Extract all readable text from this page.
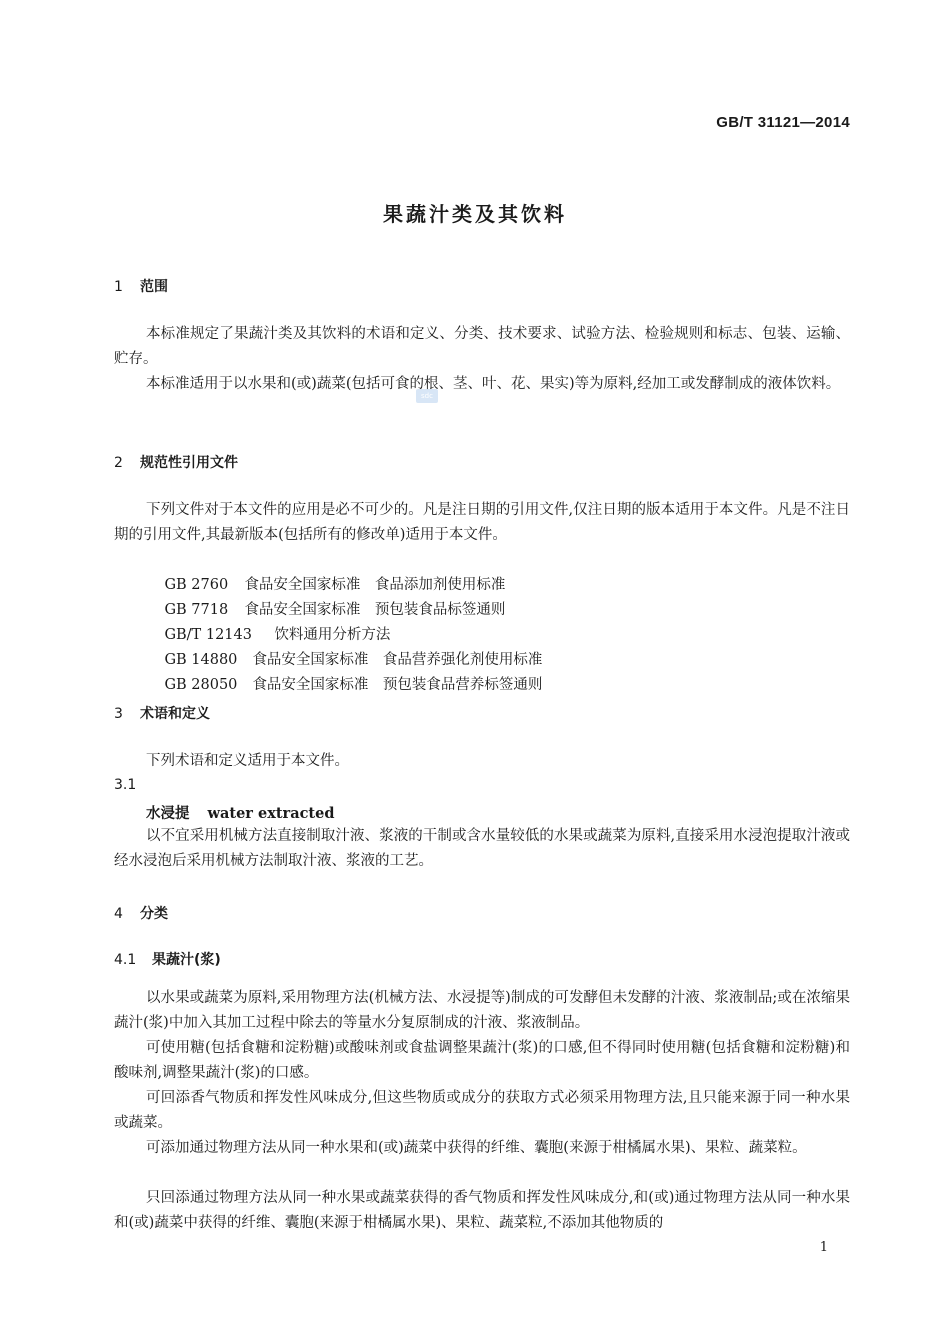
GB/T 31121—2014
果蔬汁类及其饮料
sdc
1 范围
本标准规定了果蔬汁类及其饮料的术语和定义、分类、技术要求、试验方法、检验规则和标志、包装、运输、贮存。
本标准适用于以水果和(或)蔬菜(包括可食的根、茎、叶、花、果实)等为原料,经加工或发酵制成的液体饮料。
2 规范性引用文件
下列文件对于本文件的应用是必不可少的。凡是注日期的引用文件,仅注日期的版本适用于本文件。凡是不注日期的引用文件,其最新版本(包括所有的修改单)适用于本文件。

GB 2760 食品安全国家标准　食品添加剂使用标准

GB 7718 食品安全国家标准　预包装食品标签通则

GB/T 12143 饮料通用分析方法

GB 14880 食品安全国家标准　食品营养强化剂使用标准

GB 28050 食品安全国家标准　预包装食品营养标签通则

3 术语和定义
下列术语和定义适用于本文件。
3.1
水浸提 water extracted
以不宜采用机械方法直接制取汁液、浆液的干制或含水量较低的水果或蔬菜为原料,直接采用水浸泡提取汁液或经水浸泡后采用机械方法制取汁液、浆液的工艺。
4 分类
4.1 果蔬汁(浆)
以水果或蔬菜为原料,采用物理方法(机械方法、水浸提等)制成的可发酵但未发酵的汁液、浆液制品;或在浓缩果蔬汁(浆)中加入其加工过程中除去的等量水分复原制成的汁液、浆液制品。
可使用糖(包括食糖和淀粉糖)或酸味剂或食盐调整果蔬汁(浆)的口感,但不得同时使用糖(包括食糖和淀粉糖)和酸味剂,调整果蔬汁(浆)的口感。
可回添香气物质和挥发性风味成分,但这些物质或成分的获取方式必须采用物理方法,且只能来源于同一种水果或蔬菜。
可添加通过物理方法从同一种水果和(或)蔬菜中获得的纤维、囊胞(来源于柑橘属水果)、果粒、蔬菜粒。
只回添通过物理方法从同一种水果或蔬菜获得的香气物质和挥发性风味成分,和(或)通过物理方法从同一种水果和(或)蔬菜中获得的纤维、囊胞(来源于柑橘属水果)、果粒、蔬菜粒,不添加其他物质的
1
